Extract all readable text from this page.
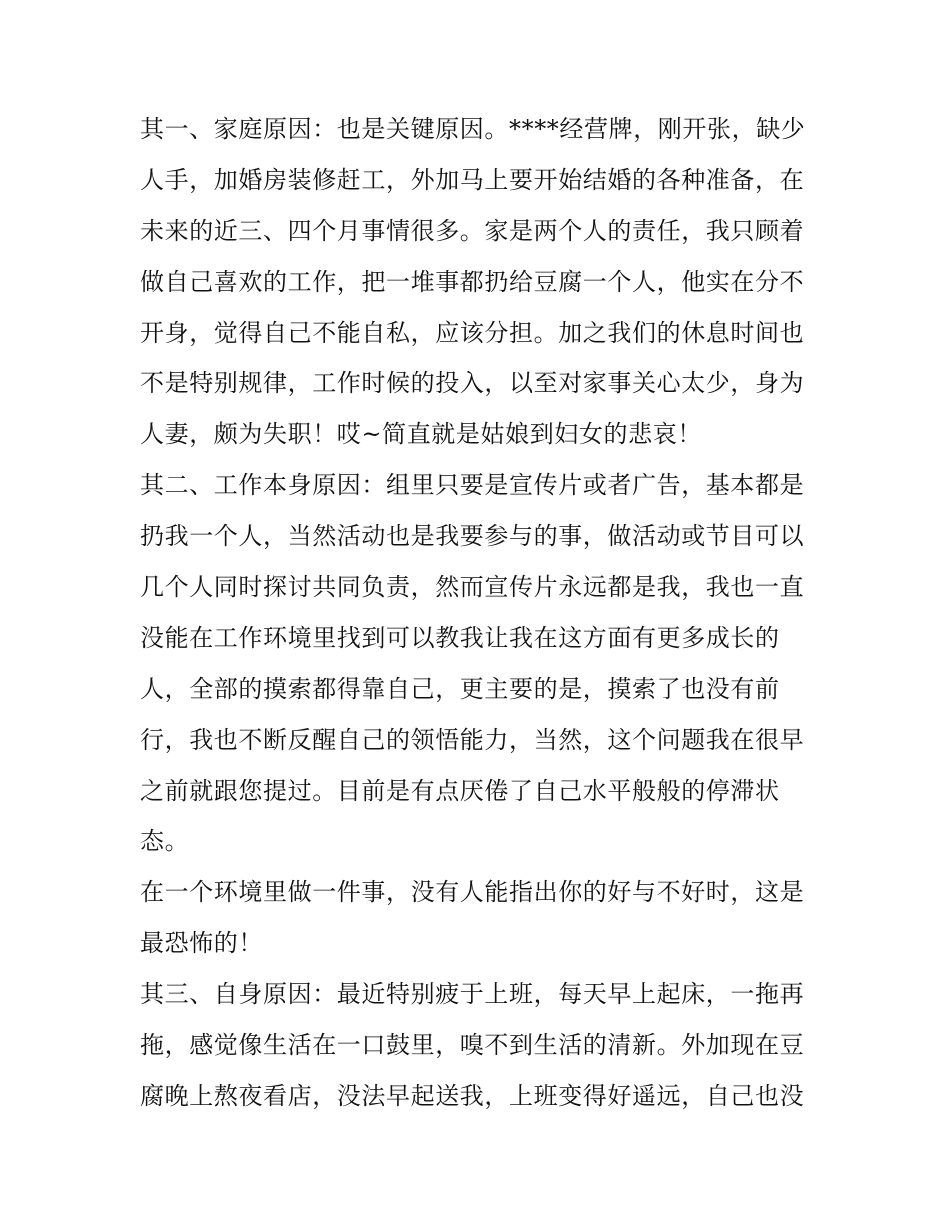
其一、家庭原因：也是关键原因。****经营牌，刚开张，缺少
人手，加婚房装修赶工，外加马上要开始结婚的各种准备，在
未来的近三、四个月事情很多。家是两个人的责任，我只顾着
做自己喜欢的工作，把一堆事都扔给豆腐一个人，他实在分不
开身，觉得自己不能自私，应该分担。加之我们的休息时间也
不是特别规律，工作时候的投入，以至对家事关心太少，身为
人妻，颇为失职！哎~简直就是姑娘到妇女的悲哀！
其二、工作本身原因：组里只要是宣传片或者广告，基本都是
扔我一个人，当然活动也是我要参与的事，做活动或节目可以
几个人同时探讨共同负责，然而宣传片永远都是我，我也一直
没能在工作环境里找到可以教我让我在这方面有更多成长的
人，全部的摸索都得靠自己，更主要的是，摸索了也没有前
行，我也不断反醒自己的领悟能力，当然，这个问题我在很早
之前就跟您提过。目前是有点厌倦了自己水平般般的停滞状
态。
在一个环境里做一件事，没有人能指出你的好与不好时，这是
最恐怖的！
其三、自身原因：最近特别疲于上班，每天早上起床，一拖再
拖，感觉像生活在一口鼓里，嗅不到生活的清新。外加现在豆
腐晚上熬夜看店，没法早起送我，上班变得好遥远，自己也没
